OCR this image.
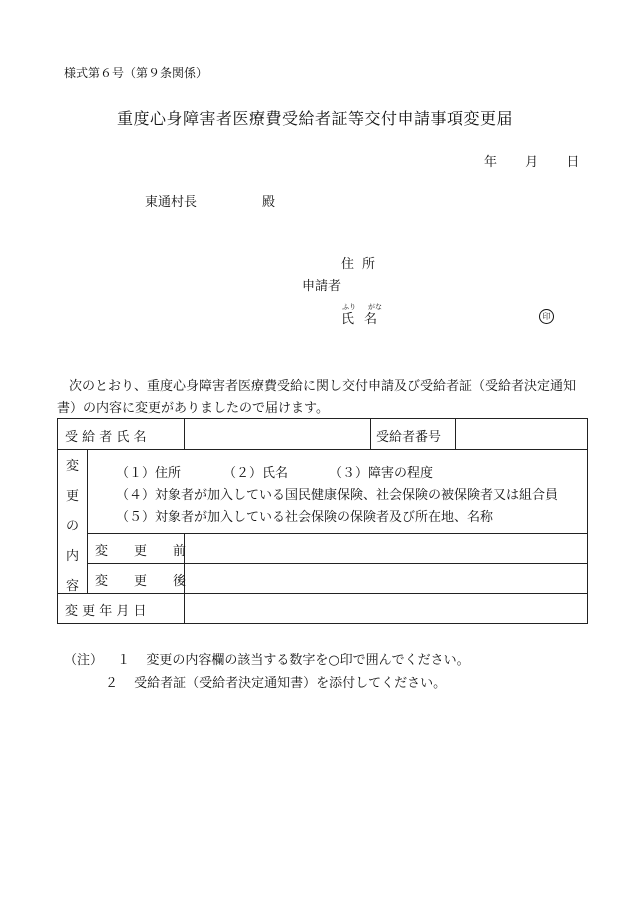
様式第６号（第９条関係）
重度心身障害者医療費受給者証等交付申請事項変更届
年 月 日
東通村長	殿
住所
申請者
ふり がな
氏名	印
次のとおり、重度心身障害者医療費受給に関し交付申請及び受給者証（受給者決定通知書）の内容に変更がありましたので届けます。
受 給 者 氏 名	受給者番号
変
更
の
内
容
（１）住所	（２）氏名	（３）障害の程度
（４）対象者が加入している国民健康保険、社会保険の被保険者又は組合員
（５）対象者が加入している社会保険の保険者及び所在地、名称
変　　更　　前
変　　更　　後
変 更 年 月 日
（注） １ 変更の内容欄の該当する数字を○印で囲んでください。
２ 受給者証（受給者決定通知書）を添付してください。
